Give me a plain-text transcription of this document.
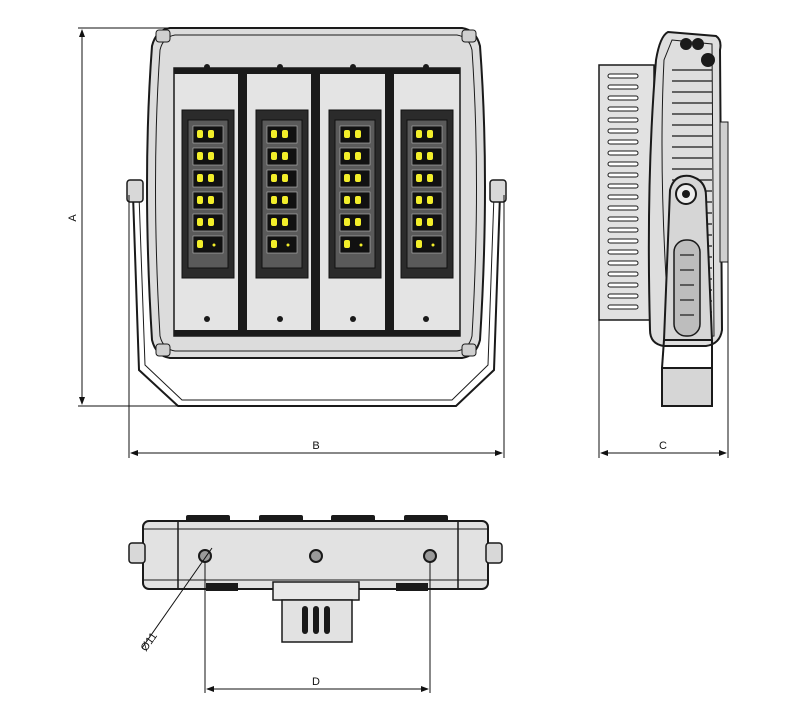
A
B	C
Ø11
D
